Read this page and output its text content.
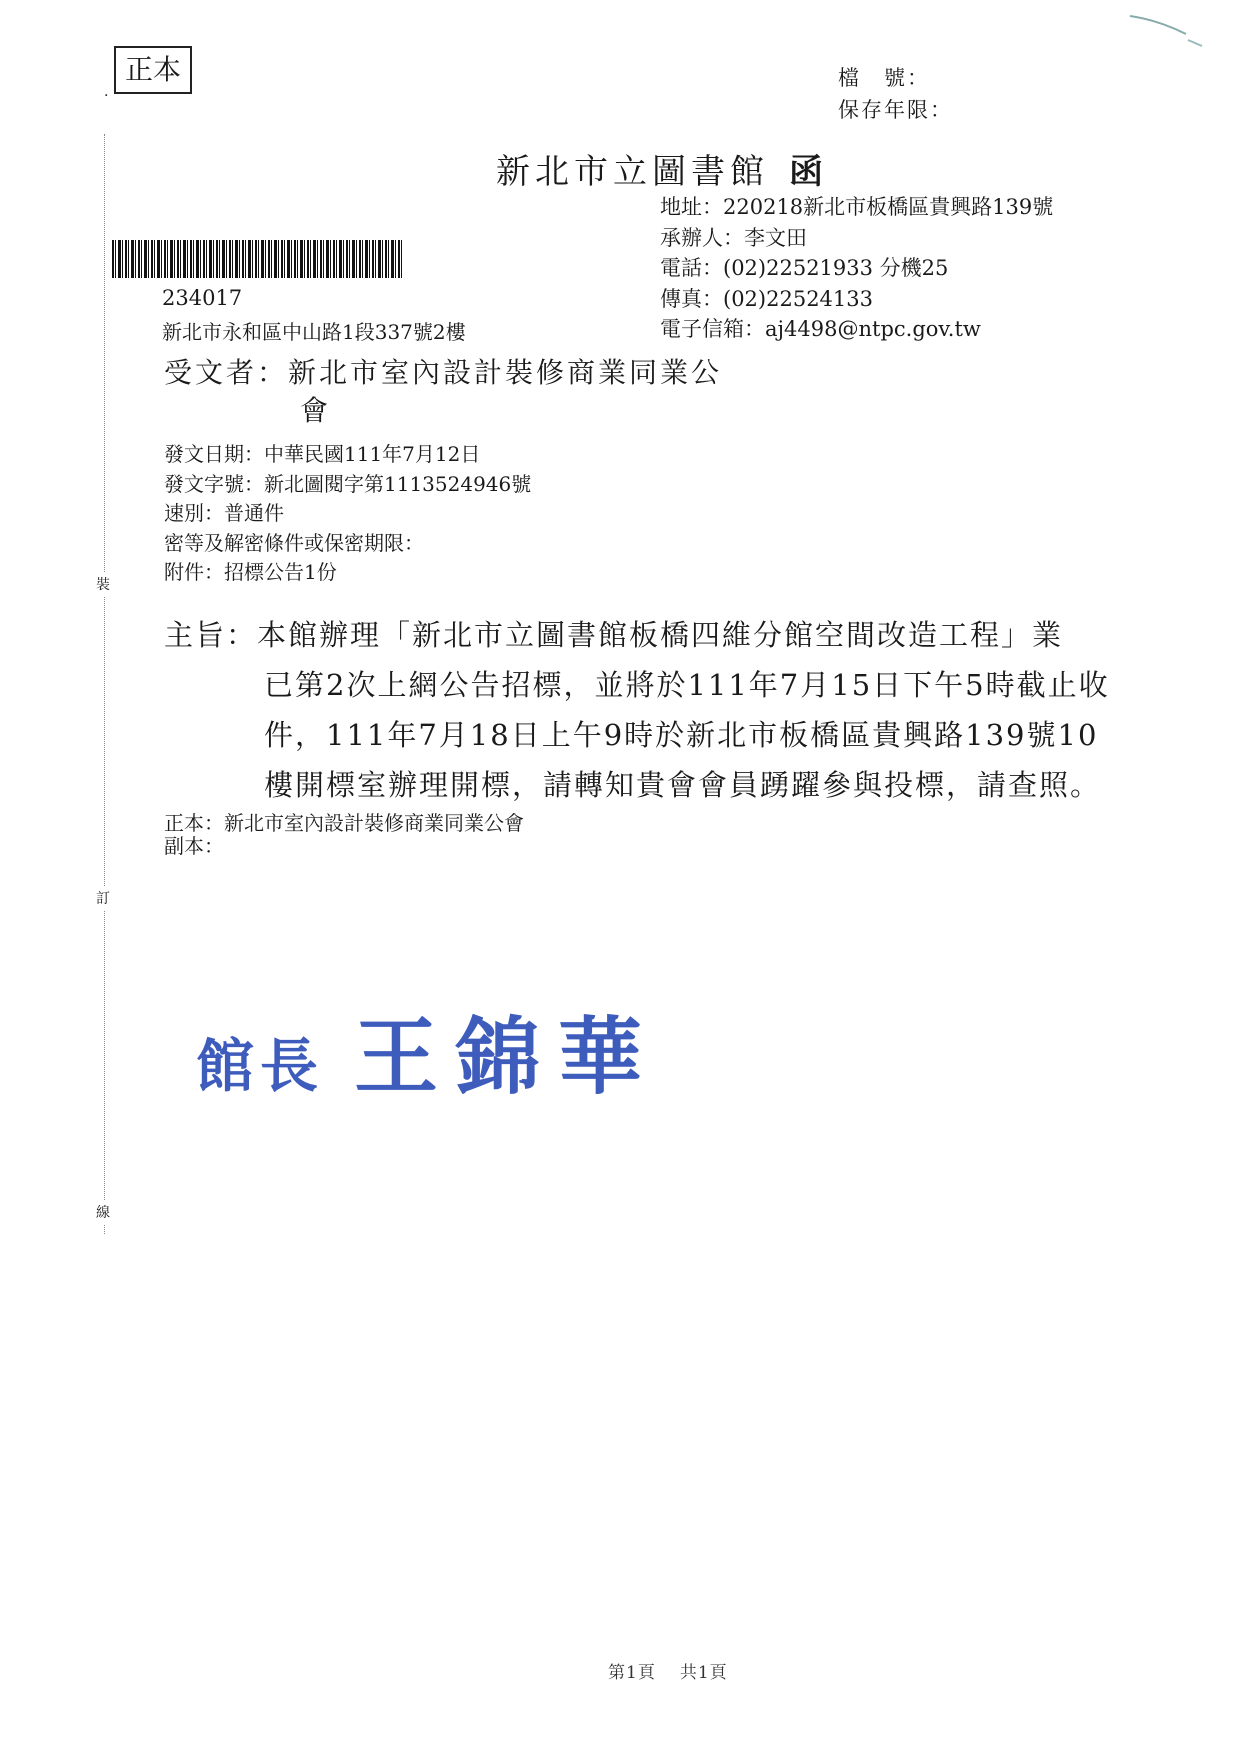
正本
.
檔　號：
保存年限：
裝
訂
線
新北市立圖書館 函
地址：220218新北市板橋區貴興路139號
承辦人：李文田
電話：(02)22521933 分機25
傳真：(02)22524133
電子信箱：aj4498@ntpc.gov.tw
234017
新北市永和區中山路1段337號2樓
受文者：新北市室內設計裝修商業同業公
會
發文日期：中華民國111年7月12日
發文字號：新北圖閱字第1113524946號
速別：普通件
密等及解密條件或保密期限：
附件：招標公告1份
主旨：本館辦理「新北市立圖書館板橋四維分館空間改造工程」業
已第2次上網公告招標，並將於111年7月15日下午5時截止收
件，111年7月18日上午9時於新北市板橋區貴興路139號10
樓開標室辦理開標，請轉知貴會會員踴躍參與投標，請查照。
正本：新北市室內設計裝修商業同業公會
副本：
館長 王錦華
第1頁 共1頁
